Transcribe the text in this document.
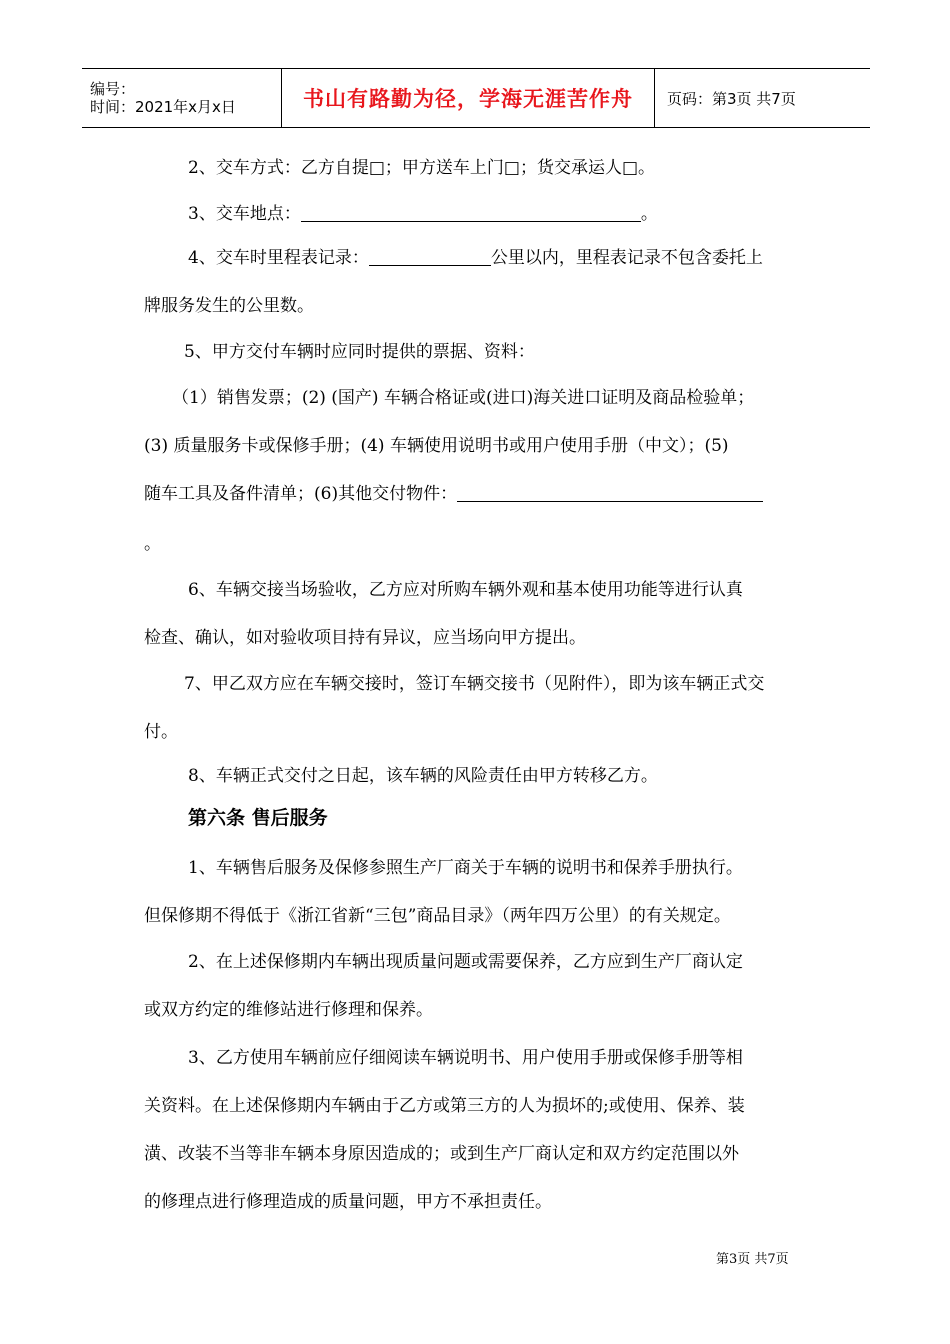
编号：
时间：2021年x月x日	书山有路勤为径，学海无涯苦作舟	页码：第3页 共7页
2、交车方式：乙方自提□；甲方送车上门□；货交承运人□。
3、交车地点：	。
4、交车时里程表记录：	公里以内，里程表记录不包含委托上
牌服务发生的公里数。
5、甲方交付车辆时应同时提供的票据、资料：
（1）销售发票；(2) (国产) 车辆合格证或(进口)海关进口证明及商品检验单；
(3) 质量服务卡或保修手册；(4) 车辆使用说明书或用户使用手册（中文）；(5)
随车工具及备件清单；(6)其他交付物件：
。
6、车辆交接当场验收，乙方应对所购车辆外观和基本使用功能等进行认真
检查、确认，如对验收项目持有异议，应当场向甲方提出。
7、甲乙双方应在车辆交接时，签订车辆交接书（见附件），即为该车辆正式交
付。
8、车辆正式交付之日起，该车辆的风险责任由甲方转移乙方。
第六条 售后服务
1、车辆售后服务及保修参照生产厂商关于车辆的说明书和保养手册执行。
但保修期不得低于《浙江省新“三包”商品目录》（两年四万公里）的有关规定。
2、在上述保修期内车辆出现质量问题或需要保养，乙方应到生产厂商认定
或双方约定的维修站进行修理和保养。
3、乙方使用车辆前应仔细阅读车辆说明书、用户使用手册或保修手册等相
关资料。在上述保修期内车辆由于乙方或第三方的人为损坏的;或使用、保养、装
潢、改装不当等非车辆本身原因造成的；或到生产厂商认定和双方约定范围以外
的修理点进行修理造成的质量问题，甲方不承担责任。
第3页 共7页
